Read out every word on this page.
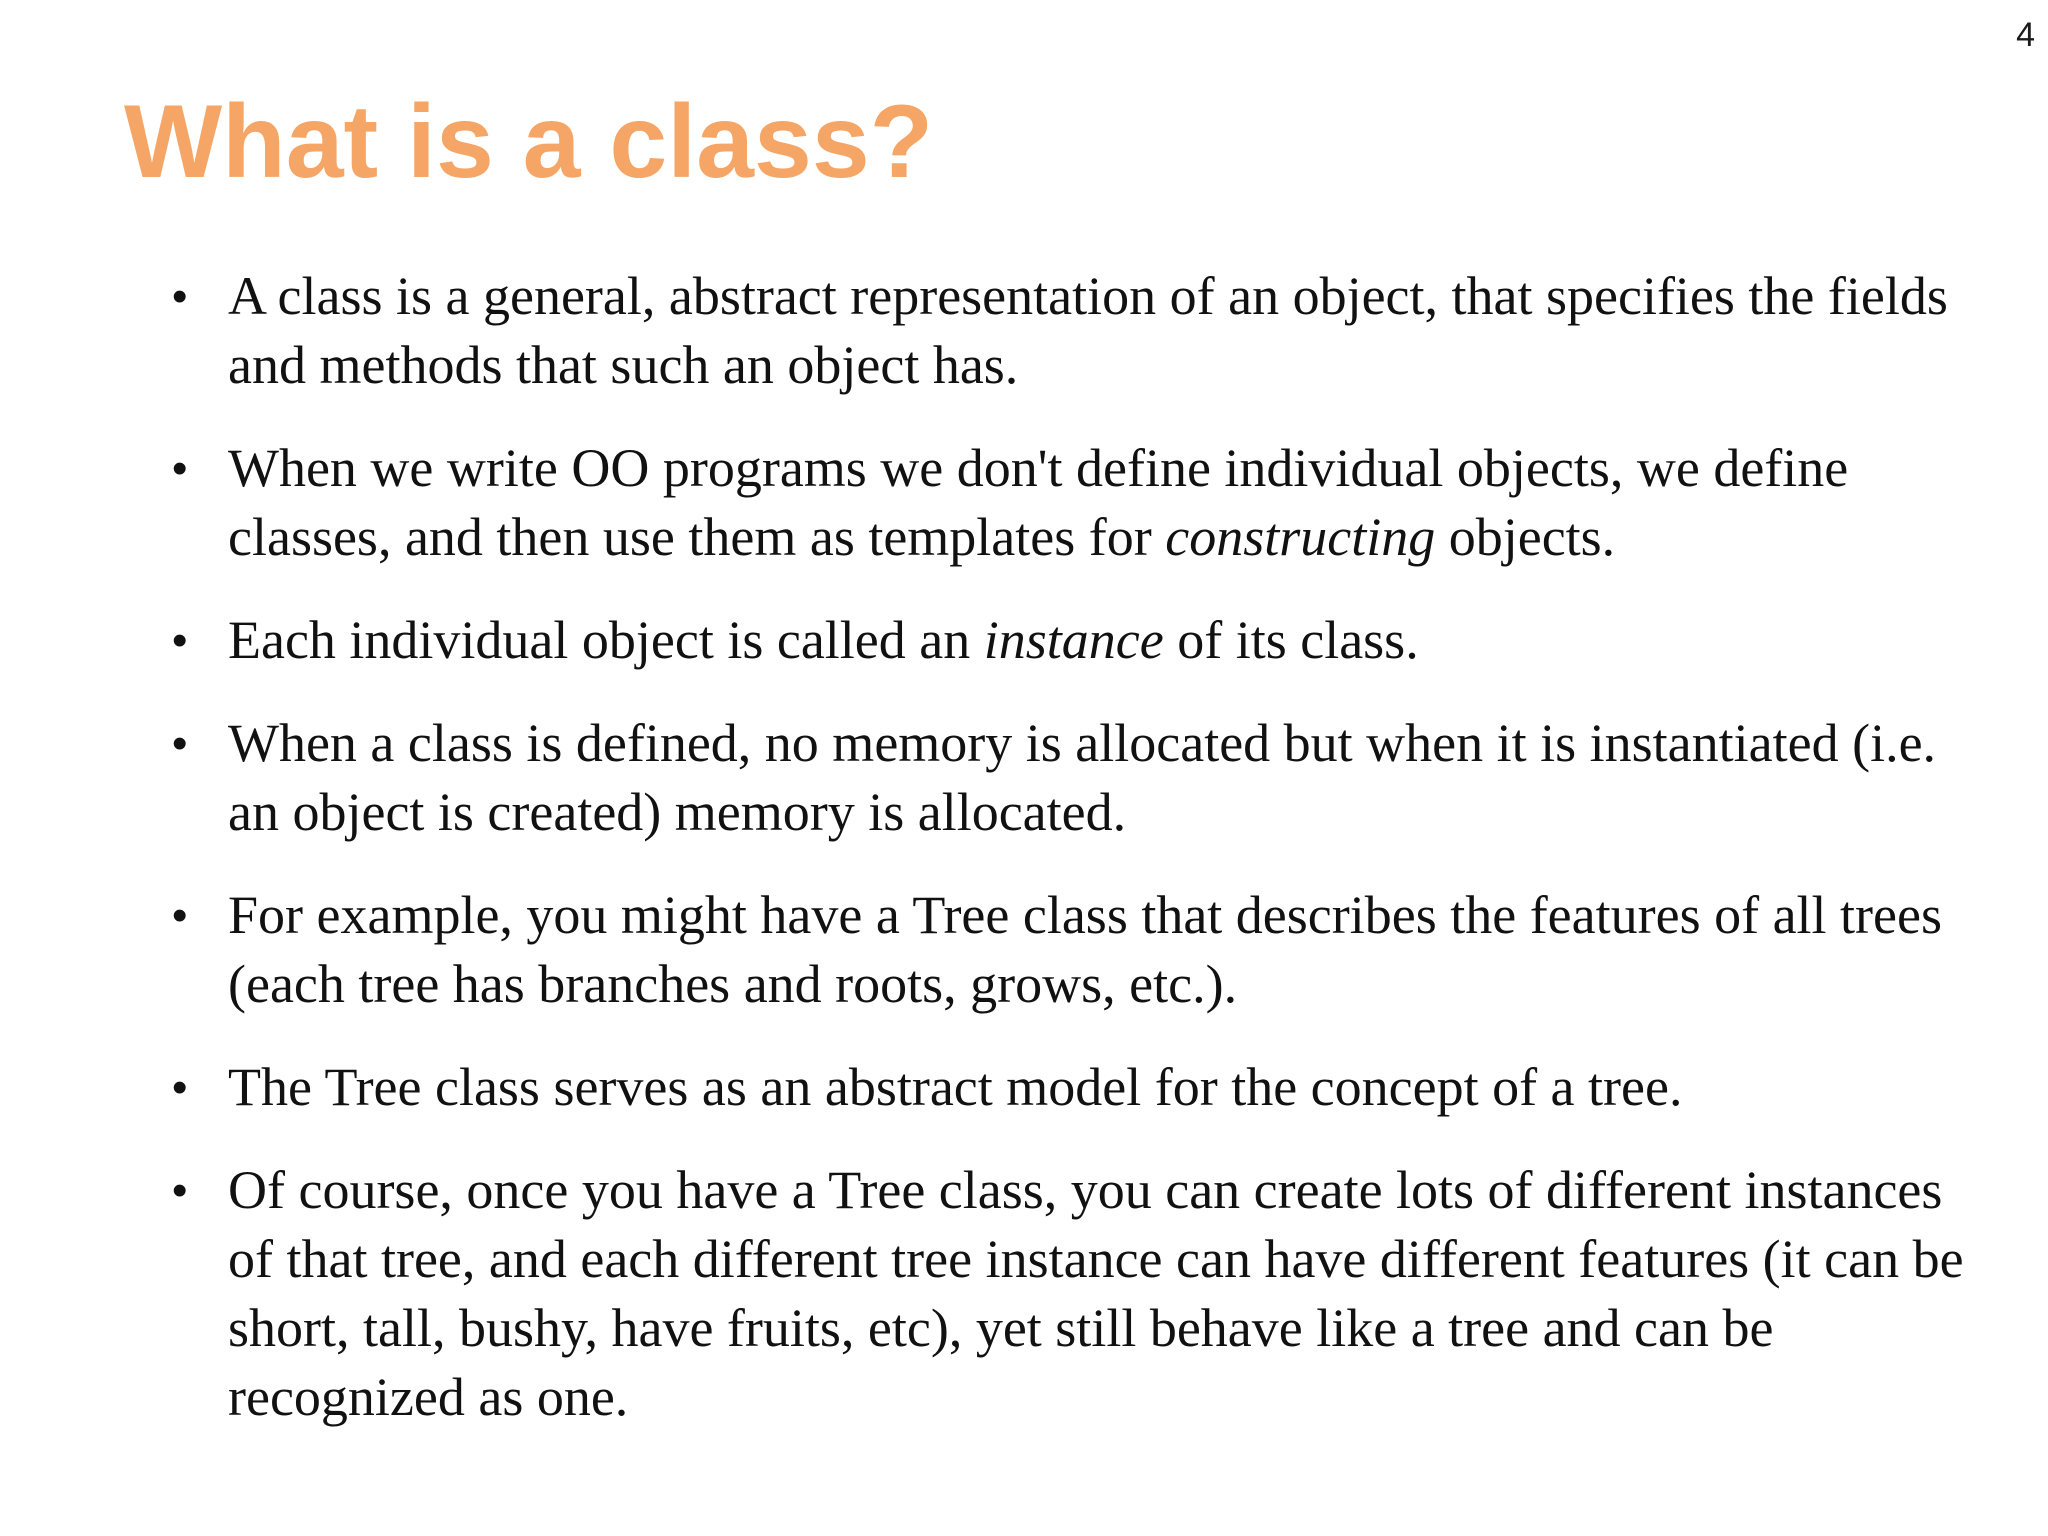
4
What is a class?
• A class is a general, abstract representation of an object, that specifies the fields and methods that such an object has.
• When we write OO programs we don't define individual objects, we define classes, and then use them as templates for constructing objects.
• Each individual object is called an instance of its class.
• When a class is defined, no memory is allocated but when it is instantiated (i.e. an object is created) memory is allocated.
• For example, you might have a Tree class that describes the features of all trees (each tree has branches and roots, grows, etc.).
• The Tree class serves as an abstract model for the concept of a tree.
• Of course, once you have a Tree class, you can create lots of different instances of that tree, and each different tree instance can have different features (it can be short, tall, bushy, have fruits, etc), yet still behave like a tree and can be recognized as one.
